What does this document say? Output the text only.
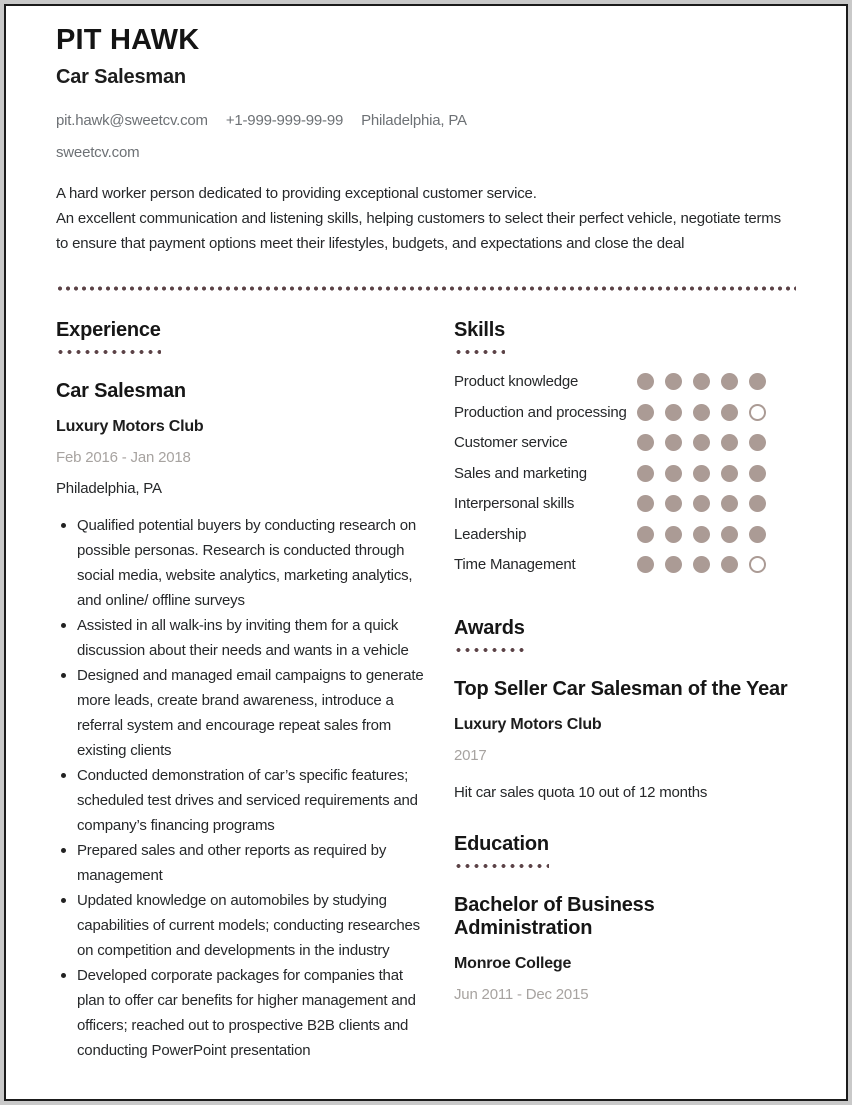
PIT HAWK
Car Salesman
pit.hawk@sweetcv.com +1-999-999-99-99 Philadelphia, PA
sweetcv.com
A hard worker person dedicated to providing exceptional customer service.
An excellent communication and listening skills, helping customers to select their perfect vehicle, negotiate terms to ensure that payment options meet their lifestyles, budgets, and expectations and close the deal
Experience
Car Salesman
Luxury Motors Club
Feb 2016 - Jan 2018
Philadelphia, PA
Qualified potential buyers by conducting research on possible personas. Research is conducted through social media, website analytics, marketing analytics, and online/ offline surveys
Assisted in all walk-ins by inviting them for a quick discussion about their needs and wants in a vehicle
Designed and managed email campaigns to generate more leads, create brand awareness, introduce a referral system and encourage repeat sales from existing clients
Conducted demonstration of car’s specific features; scheduled test drives and serviced requirements and company’s financing programs
Prepared sales and other reports as required by management
Updated knowledge on automobiles by studying capabilities of current models; conducting researches on competition and developments in the industry
Developed corporate packages for companies that plan to offer car benefits for higher management and officers; reached out to prospective B2B clients and conducting PowerPoint presentation
Skills
Product knowledge
Production and processing
Customer service
Sales and marketing
Interpersonal skills
Leadership
Time Management
Awards
Top Seller Car Salesman of the Year
Luxury Motors Club
2017
Hit car sales quota 10 out of 12 months
Education
Bachelor of Business Administration
Monroe College
Jun 2011 - Dec 2015
